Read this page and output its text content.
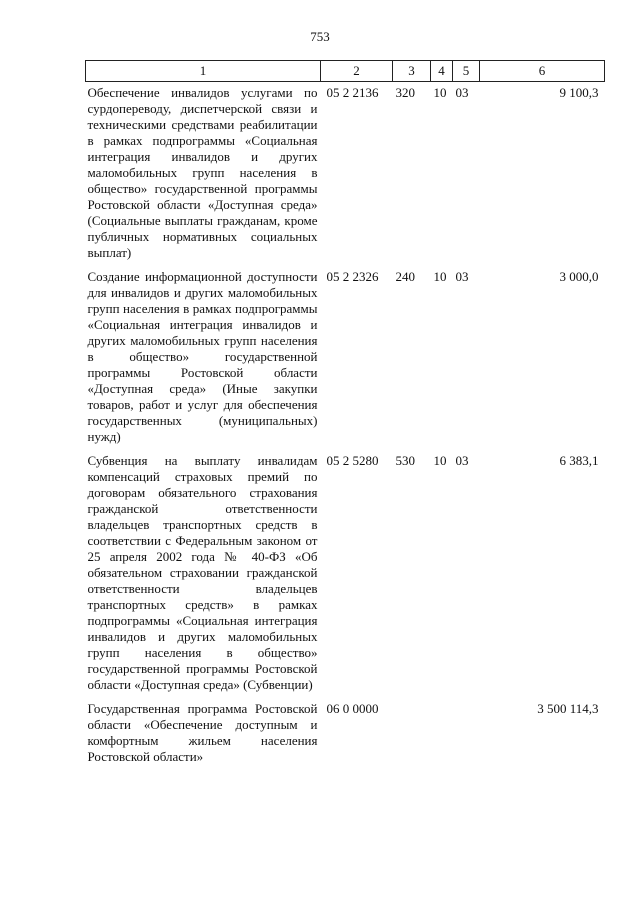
753
1	2	3	4	5	6
Обеспечение инвалидов услугами по сурдопереводу, диспетчерской связи и техническими средствами реабилитации в рамках подпрограммы «Социальная интеграция инвалидов и других маломобильных групп населения в общество» государственной программы Ростовской области «Доступная среда» (Социальные выплаты гражданам, кроме публичных нормативных социальных выплат)	05 2 2136	320	10	03	9 100,3
Создание информационной доступности для инвалидов и других маломобильных групп населения в рамках подпрограммы «Социальная интеграция инвалидов и других маломобильных групп населения в общество» государственной программы Ростовской области «Доступная среда» (Иные закупки товаров, работ и услуг для обеспечения государственных (муниципальных) нужд)	05 2 2326	240	10	03	3 000,0
Субвенция на выплату инвалидам компенсаций страховых премий по договорам обязательного страхования гражданской ответственности владельцев транспортных средств в соответствии с Федеральным законом от 25 апреля 2002 года № 40-ФЗ «Об обязательном страховании гражданской ответственности владельцев транспортных средств» в рамках подпрограммы «Социальная интеграция инвалидов и других маломобильных групп населения в общество» государственной программы Ростовской области «Доступная среда» (Субвенции)	05 2 5280	530	10	03	6 383,1
Государственная программа Ростовской области «Обеспечение доступным и комфортным жильем населения Ростовской области»	06 0 0000				3 500 114,3
